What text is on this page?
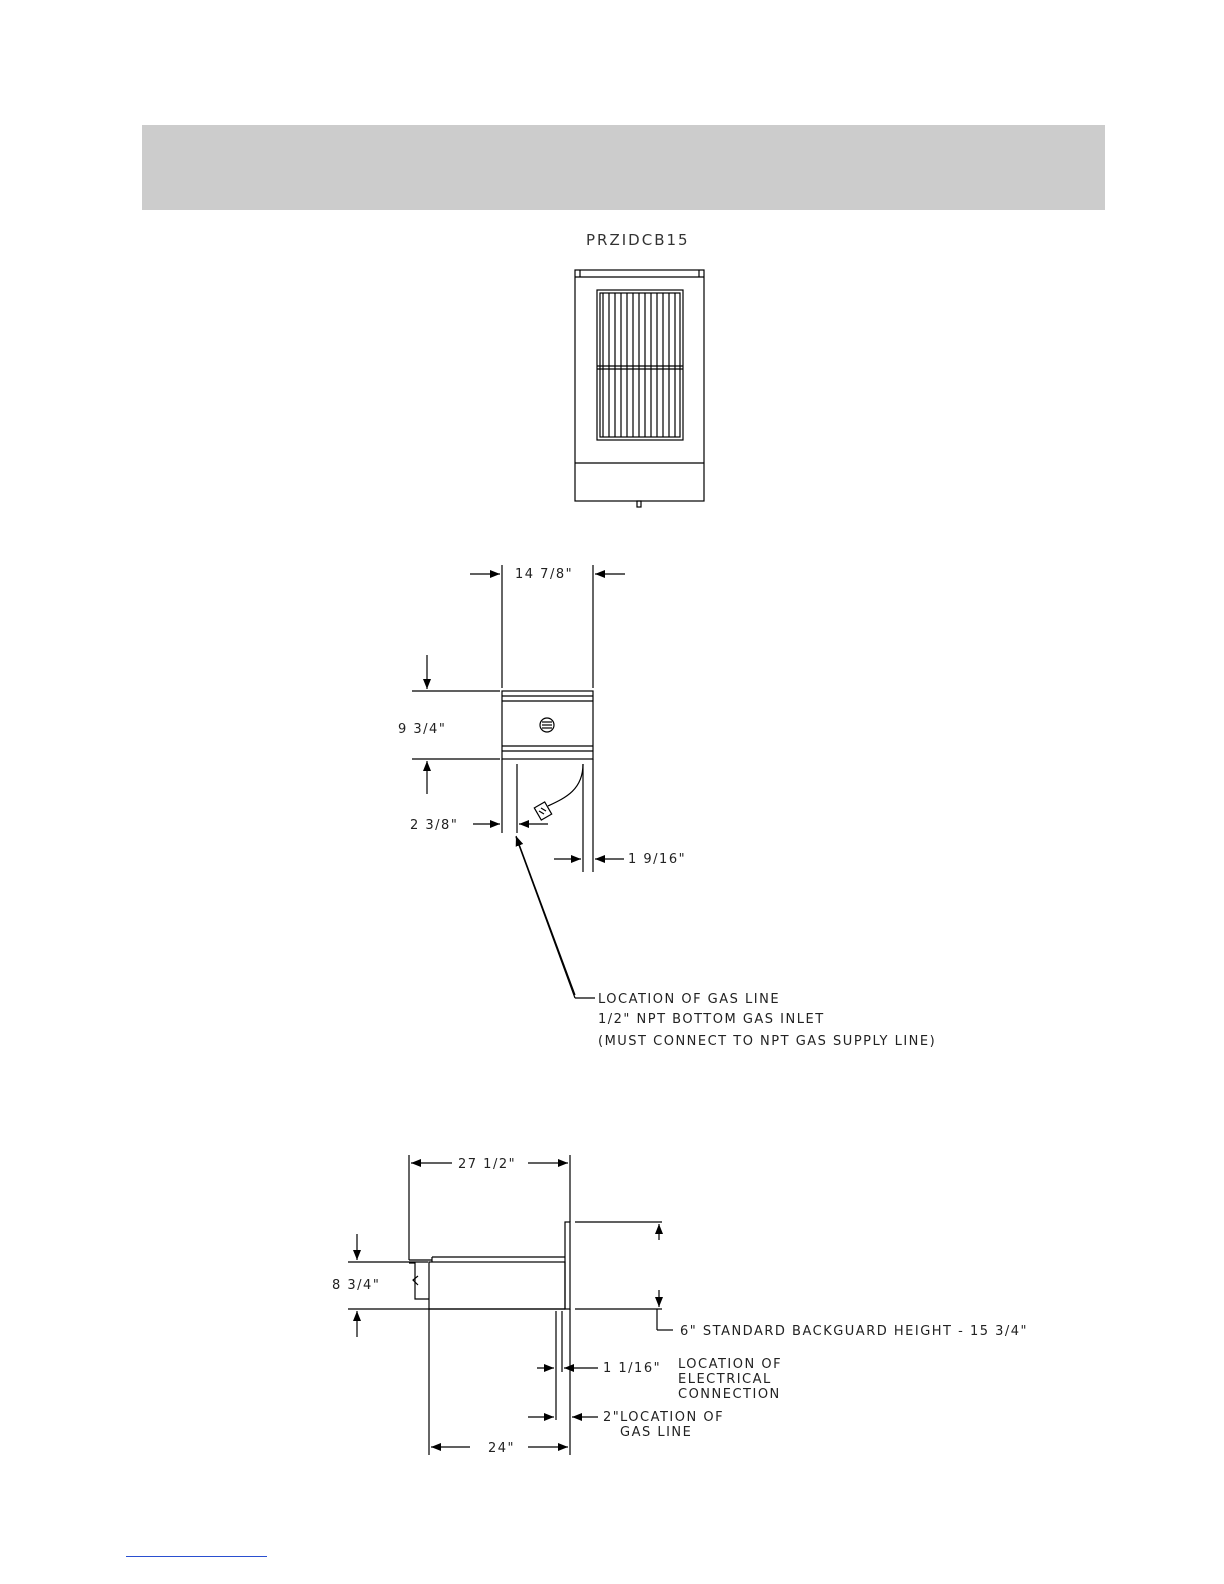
PRZIDCB15
14 7/8"
9 3/4"
2 3/8"
1 9/16"
LOCATION OF GAS LINE
1/2" NPT BOTTOM GAS INLET
(MUST CONNECT TO NPT GAS SUPPLY LINE)
27 1/2"
8 3/4"
6" STANDARD BACKGUARD HEIGHT - 15 3/4"
1 1/16" LOCATION OF
ELECTRICAL
CONNECTION
2" LOCATION OF
GAS LINE
24"
